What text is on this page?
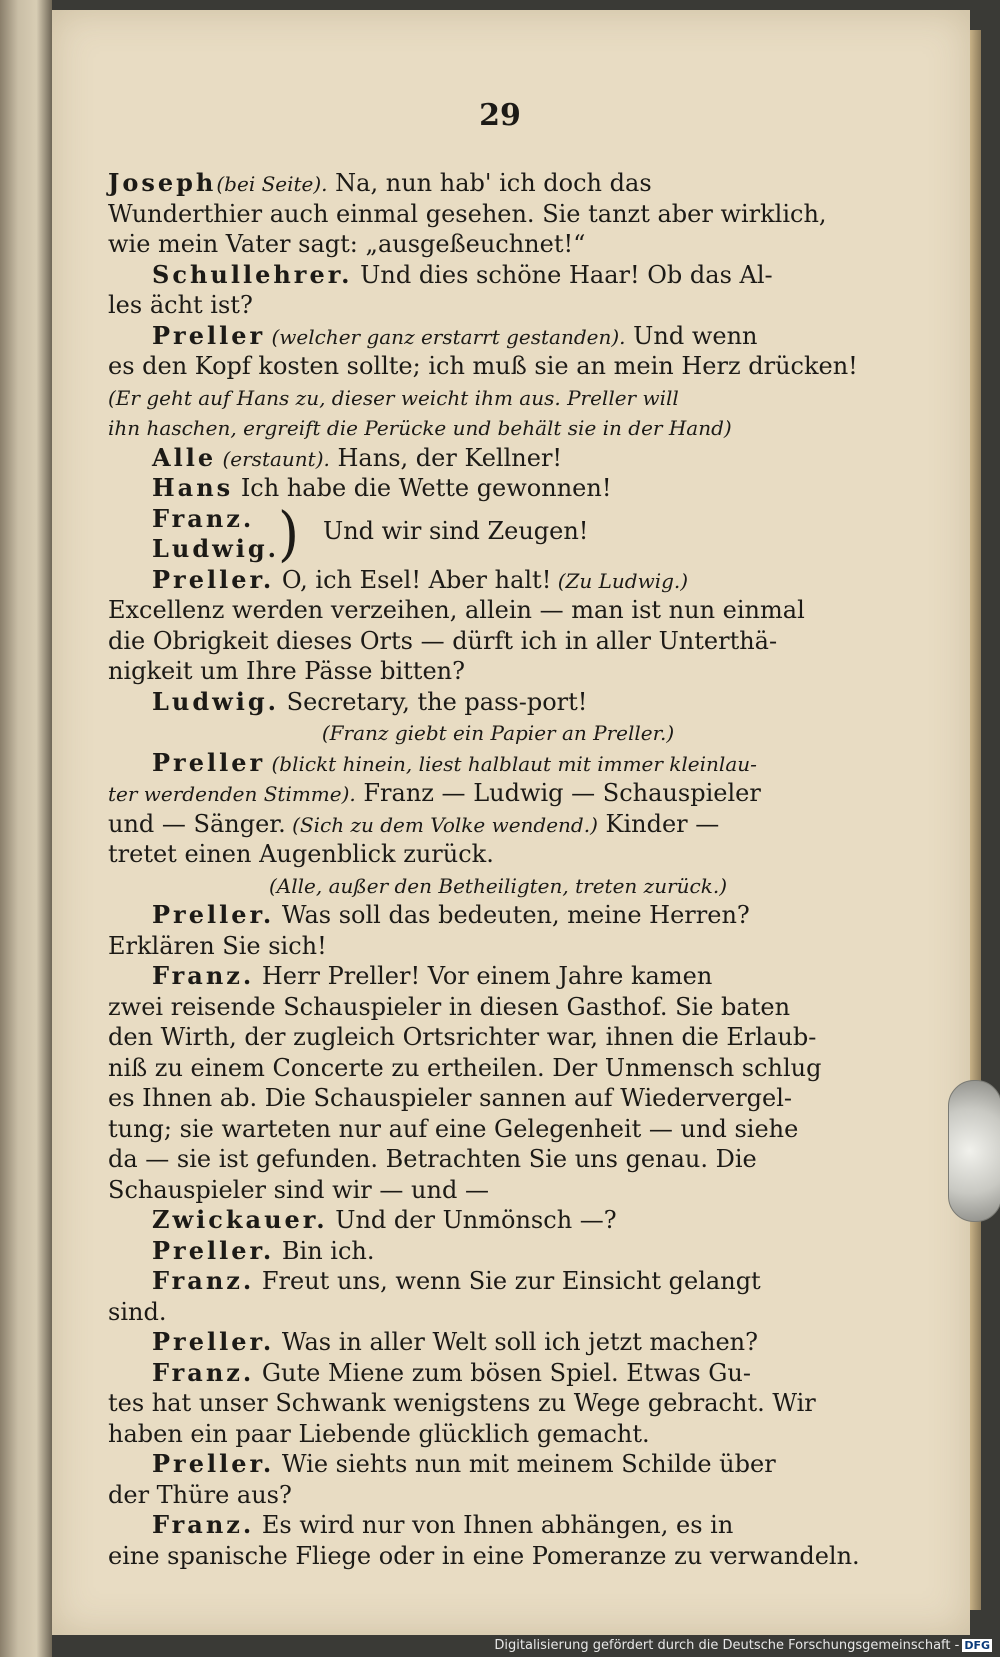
29
Joseph(bei Seite). Na, nun hab' ich doch das
Wunderthier auch einmal gesehen. Sie tanzt aber wirklich,
wie mein Vater sagt: „ausgeßeuchnet!“
Schullehrer. Und dies schöne Haar! Ob das Al-
les ächt ist?
Preller (welcher ganz erstarrt gestanden). Und wenn
es den Kopf kosten sollte; ich muß sie an mein Herz drücken!
(Er geht auf Hans zu, dieser weicht ihm aus. Preller will
ihn haschen, ergreift die Perücke und behält sie in der Hand)
Alle (erstaunt). Hans, der Kellner!
Hans Ich habe die Wette gewonnen!
Franz.
Ludwig.
) Und wir sind Zeugen!
Preller. O, ich Esel! Aber halt! (Zu Ludwig.)
Excellenz werden verzeihen, allein — man ist nun einmal
die Obrigkeit dieses Orts — dürft ich in aller Unterthä-
nigkeit um Ihre Pässe bitten?
Ludwig. Secretary, the pass-port!
(Franz giebt ein Papier an Preller.)
Preller (blickt hinein, liest halblaut mit immer kleinlau-
ter werdenden Stimme). Franz — Ludwig — Schauspieler
und — Sänger. (Sich zu dem Volke wendend.) Kinder —
tretet einen Augenblick zurück.
(Alle, außer den Betheiligten, treten zurück.)
Preller. Was soll das bedeuten, meine Herren?
Erklären Sie sich!
Franz. Herr Preller! Vor einem Jahre kamen
zwei reisende Schauspieler in diesen Gasthof. Sie baten
den Wirth, der zugleich Ortsrichter war, ihnen die Erlaub-
niß zu einem Concerte zu ertheilen. Der Unmensch schlug
es Ihnen ab. Die Schauspieler sannen auf Wiedervergel-
tung; sie warteten nur auf eine Gelegenheit — und siehe
da — sie ist gefunden. Betrachten Sie uns genau. Die
Schauspieler sind wir — und —
Zwickauer. Und der Unmönsch —?
Preller. Bin ich.
Franz. Freut uns, wenn Sie zur Einsicht gelangt
sind.
Preller. Was in aller Welt soll ich jetzt machen?
Franz. Gute Miene zum bösen Spiel. Etwas Gu-
tes hat unser Schwank wenigstens zu Wege gebracht. Wir
haben ein paar Liebende glücklich gemacht.
Preller. Wie siehts nun mit meinem Schilde über
der Thüre aus?
Franz. Es wird nur von Ihnen abhängen, es in
eine spanische Fliege oder in eine Pomeranze zu verwandeln.
Digitalisierung gefördert durch die Deutsche Forschungsgemeinschaft - DFG
